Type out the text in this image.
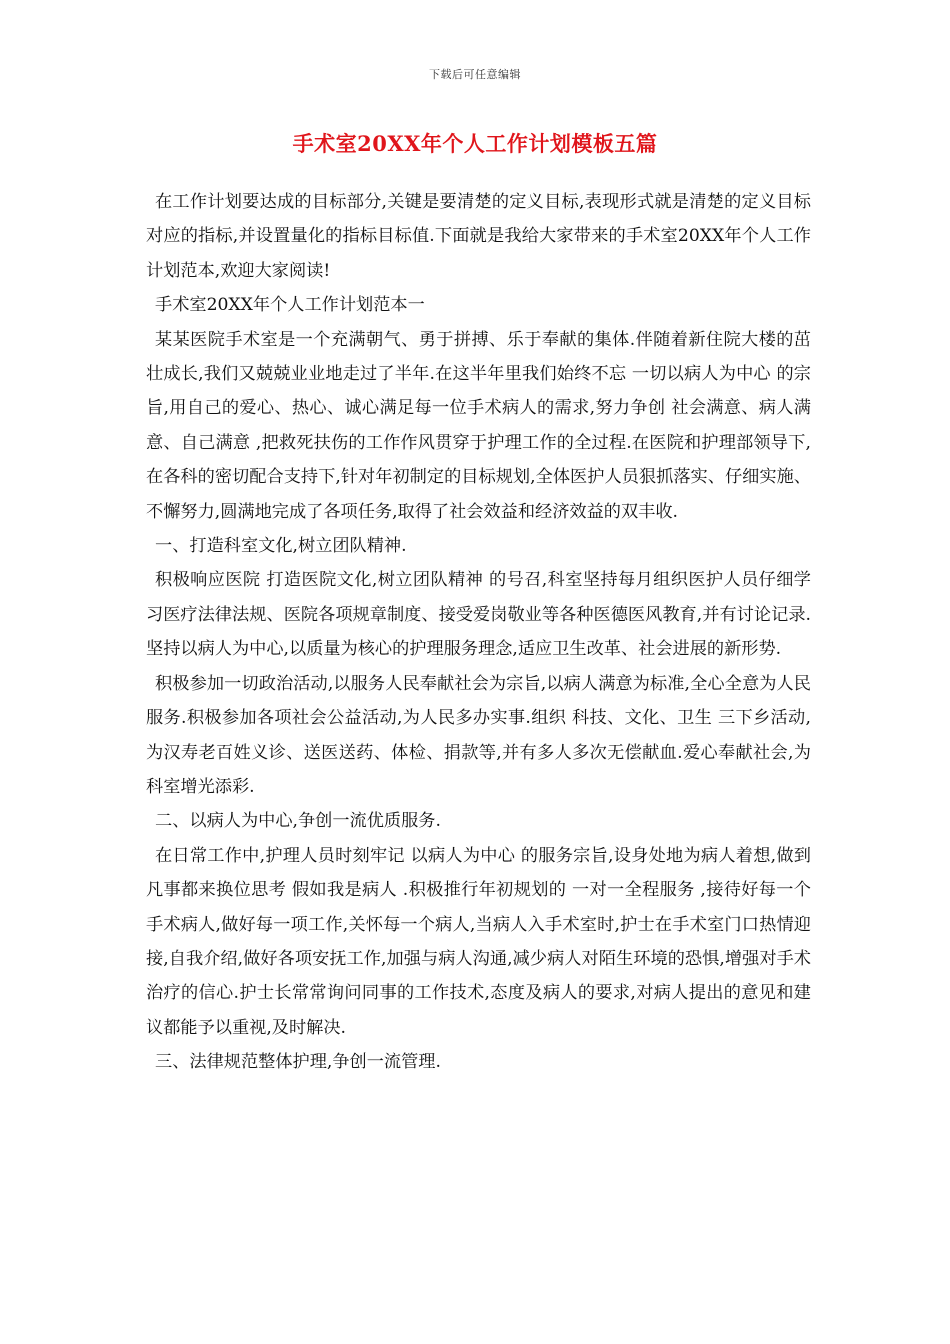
下载后可任意编辑
手术室20XX年个人工作计划模板五篇

在工作计划要达成的目标部分,关键是要清楚的定义目标,表现形式就是清楚的定义目标对应的指标,并设置量化的指标目标值.下面就是我给大家带来的手术室20XX年个人工作计划范本,欢迎大家阅读!

手术室20XX年个人工作计划范本一

某某医院手术室是一个充满朝气、勇于拼搏、乐于奉献的集体.伴随着新住院大楼的茁壮成长,我们又兢兢业业地走过了半年.在这半年里我们始终不忘 一切以病人为中心 的宗旨,用自己的爱心、热心、诚心满足每一位手术病人的需求,努力争创 社会满意、病人满意、自己满意 ,把救死扶伤的工作作风贯穿于护理工作的全过程.在医院和护理部领导下,在各科的密切配合支持下,针对年初制定的目标规划,全体医护人员狠抓落实、仔细实施、不懈努力,圆满地完成了各项任务,取得了社会效益和经济效益的双丰收.

一、打造科室文化,树立团队精神.

积极响应医院 打造医院文化,树立团队精神 的号召,科室坚持每月组织医护人员仔细学习医疗法律法规、医院各项规章制度、接受爱岗敬业等各种医德医风教育,并有讨论记录.坚持以病人为中心,以质量为核心的护理服务理念,适应卫生改革、社会进展的新形势.

积极参加一切政治活动,以服务人民奉献社会为宗旨,以病人满意为标准,全心全意为人民服务.积极参加各项社会公益活动,为人民多办实事.组织 科技、文化、卫生 三下乡活动,为汉寿老百姓义诊、送医送药、体检、捐款等,并有多人多次无偿献血.爱心奉献社会,为科室增光添彩.

二、以病人为中心,争创一流优质服务.

在日常工作中,护理人员时刻牢记 以病人为中心 的服务宗旨,设身处地为病人着想,做到凡事都来换位思考 假如我是病人 .积极推行年初规划的 一对一全程服务 ,接待好每一个手术病人,做好每一项工作,关怀每一个病人,当病人入手术室时,护士在手术室门口热情迎接,自我介绍,做好各项安抚工作,加强与病人沟通,减少病人对陌生环境的恐惧,增强对手术治疗的信心.护士长常常询问同事的工作技术,态度及病人的要求,对病人提出的意见和建议都能予以重视,及时解决.

三、法律规范整体护理,争创一流管理.
